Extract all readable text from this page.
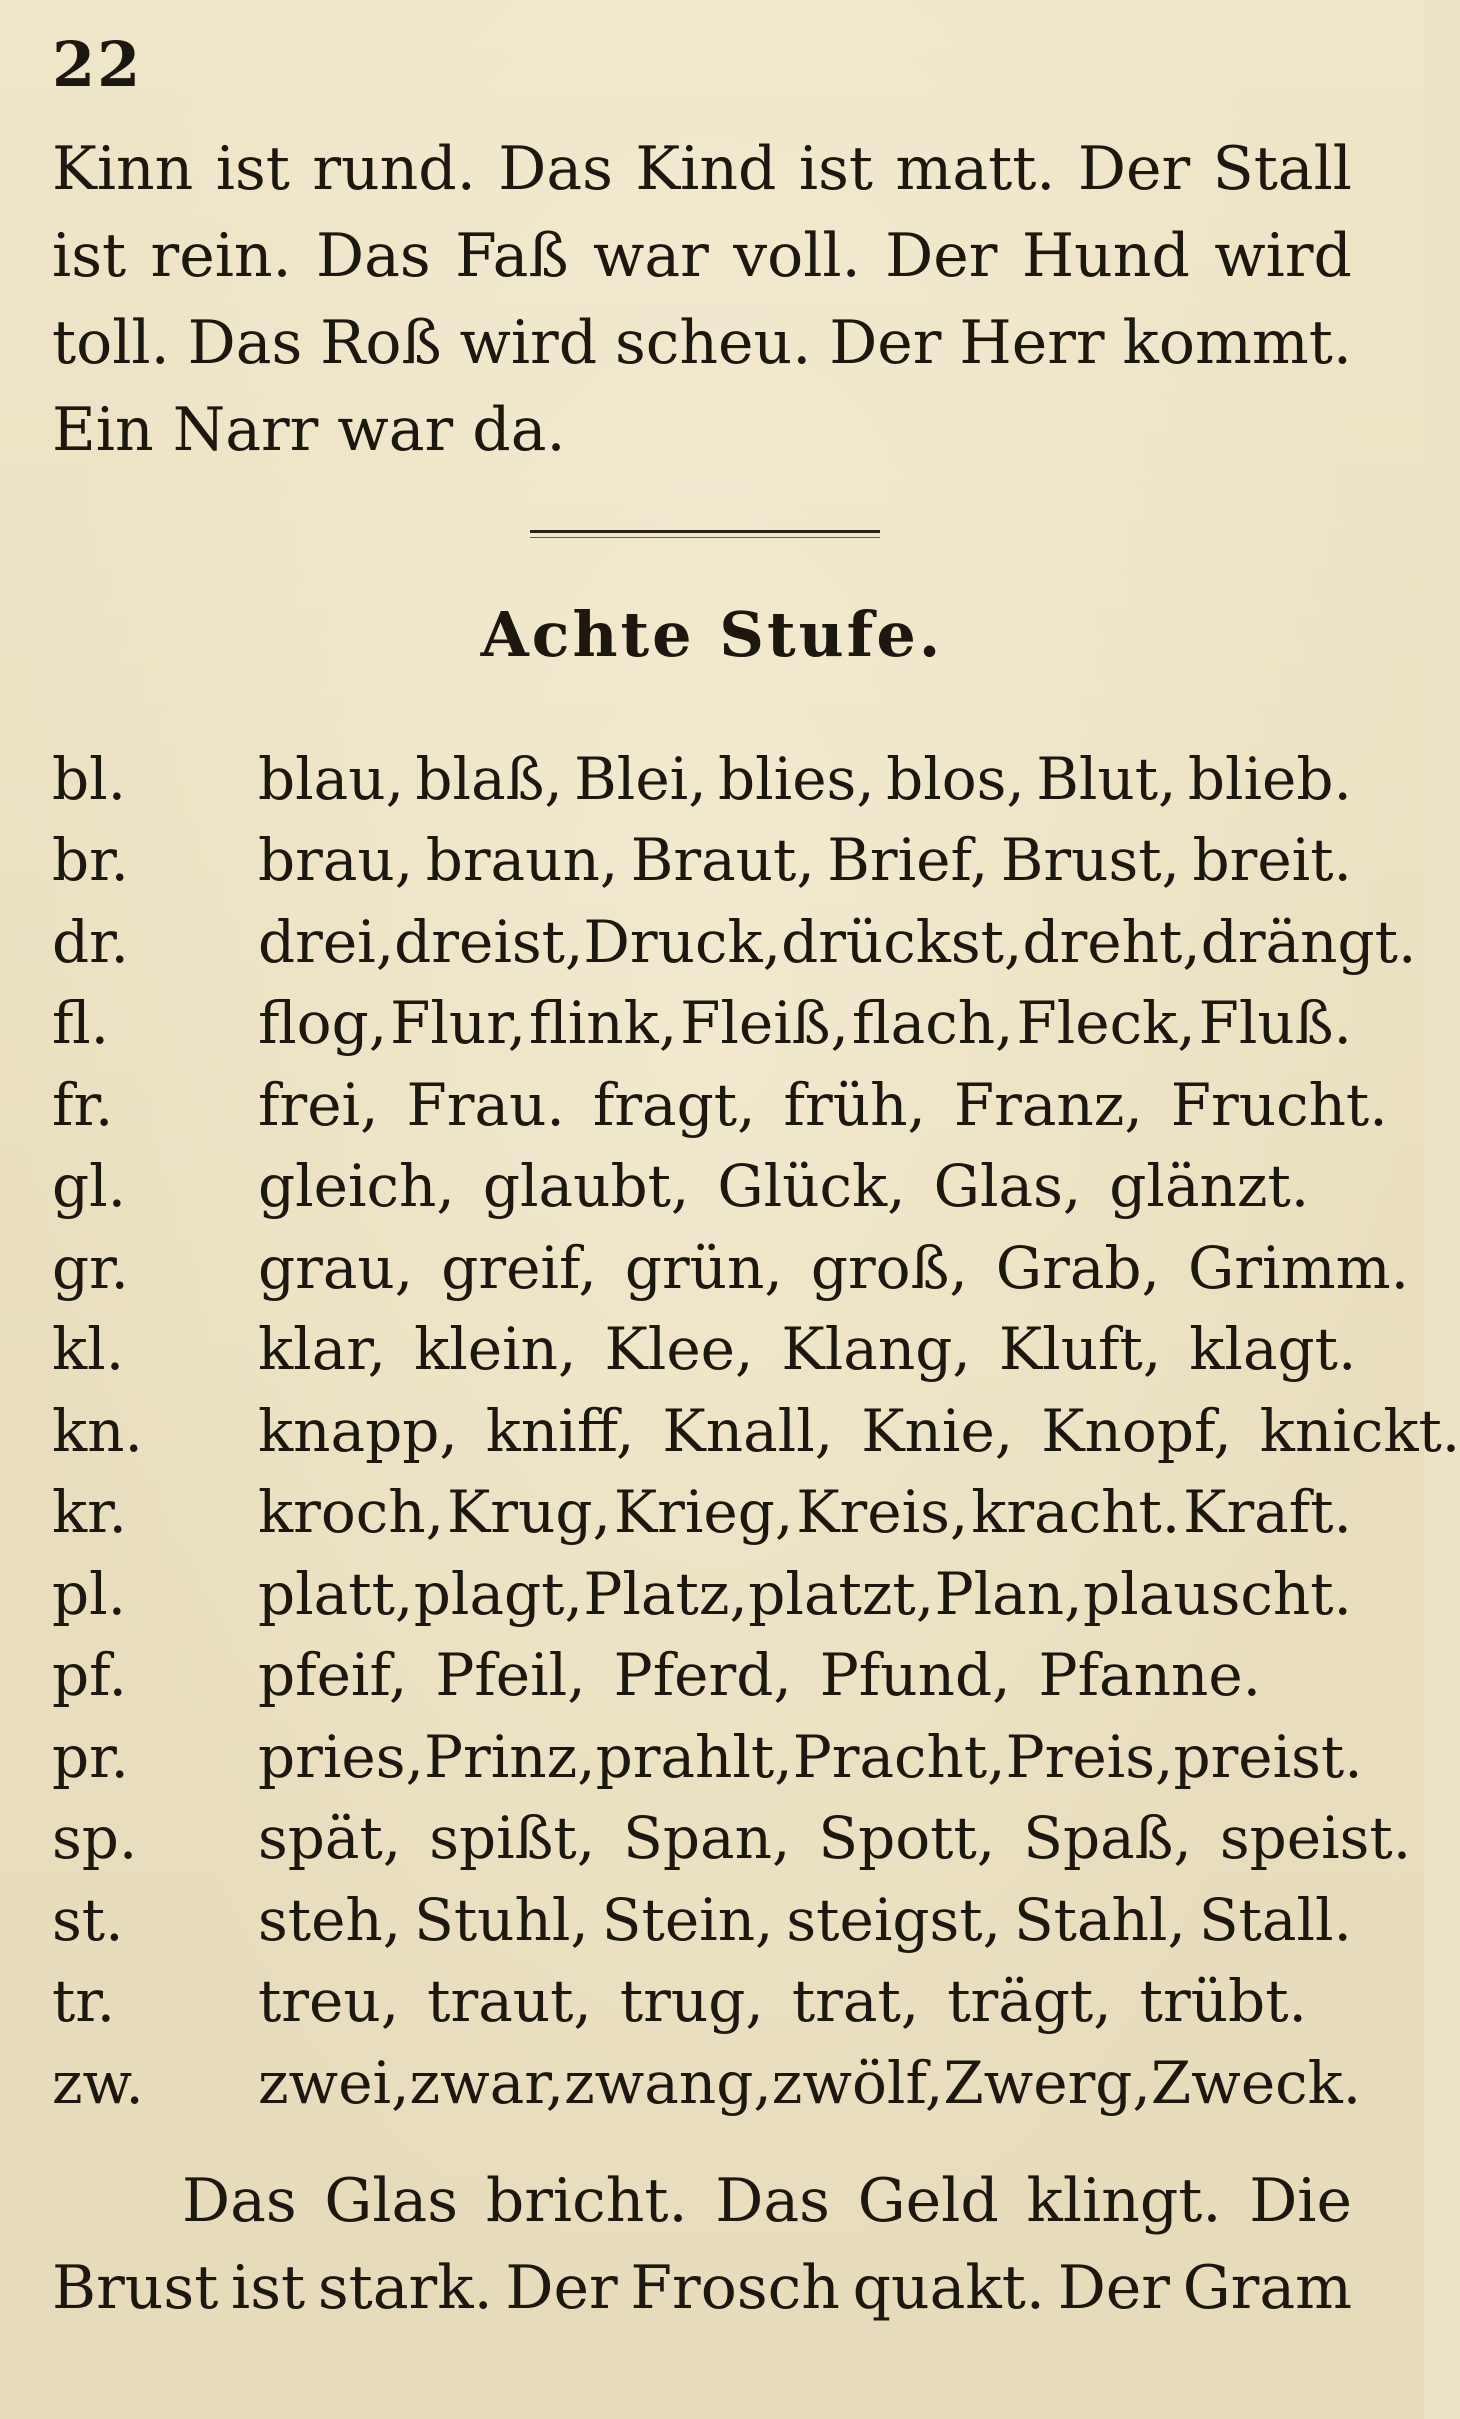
22
Kinn ist rund. Das Kind ist matt. Der Stall
ist rein. Das Faß war voll. Der Hund wird
toll. Das Roß wird scheu. Der Herr kommt.
Ein Narr war da.
Achte Stufe.
bl.	blau, blaß, Blei, blies, blos, Blut, blieb.
br.	brau, braun, Braut, Brief, Brust, breit.
dr.	drei, dreist, Druck, drückst, dreht, drängt.
fl.	flog, Flur, flink, Fleiß, flach, Fleck, Fluß.
fr.	frei, Frau. fragt, früh, Franz, Frucht.
gl.	gleich, glaubt, Glück, Glas, glänzt.
gr.	grau, greif, grün, groß, Grab, Grimm.
kl.	klar, klein, Klee, Klang, Kluft, klagt.
kn.	knapp, kniff, Knall, Knie, Knopf, knickt.
kr.	kroch, Krug, Krieg, Kreis, kracht. Kraft.
pl.	platt, plagt, Platz, platzt, Plan, plauscht.
pf.	pfeif, Pfeil, Pferd, Pfund, Pfanne.
pr.	pries, Prinz, prahlt, Pracht, Preis, preist.
sp.	spät, spißt, Span, Spott, Spaß, speist.
st.	steh, Stuhl, Stein, steigst, Stahl, Stall.
tr.	treu, traut, trug, trat, trägt, trübt.
zw.	zwei, zwar, zwang, zwölf, Zwerg, Zweck.
Das Glas bricht. Das Geld klingt. Die
Brust ist stark. Der Frosch quakt. Der Gram
